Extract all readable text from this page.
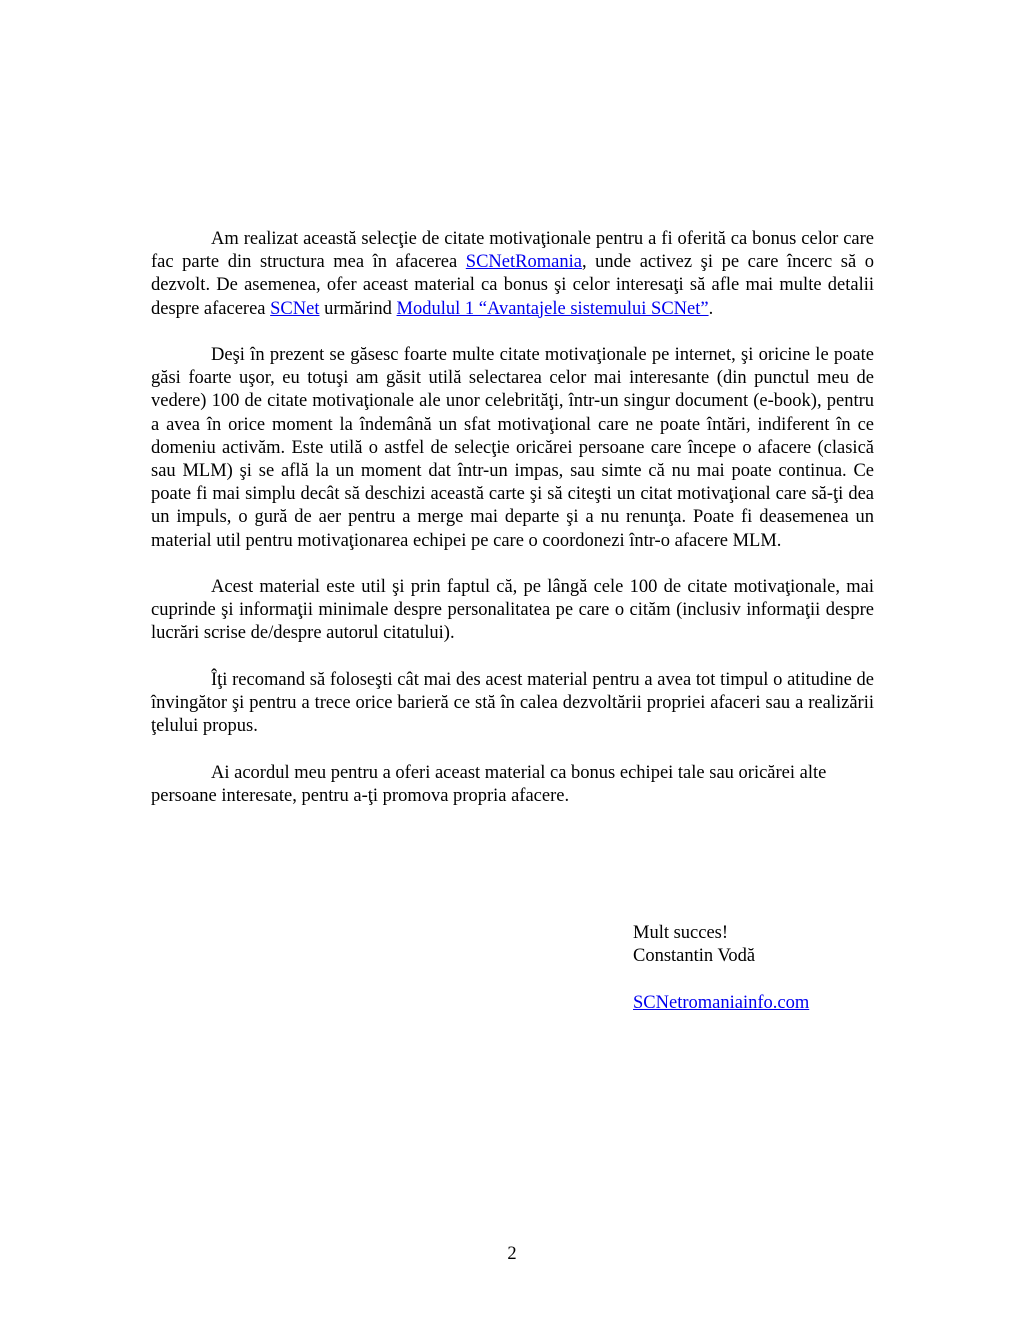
Am realizat această selecţie de citate motivaţionale pentru a fi oferită ca bonus celor care fac parte din structura mea în afacerea SCNetRomania, unde activez şi pe care încerc să o dezvolt. De asemenea, ofer aceast material ca bonus şi celor interesaţi să afle mai multe detalii despre afacerea SCNet urmărind Modulul 1 “Avantajele sistemului SCNet”.

Deşi în prezent se găsesc foarte multe citate motivaţionale pe internet, şi oricine le poate găsi foarte uşor, eu totuşi am găsit utilă selectarea celor mai interesante (din punctul meu de vedere) 100 de citate motivaţionale ale unor celebrităţi, într-un singur document (e-book), pentru a avea în orice moment la îndemână un sfat motivaţional care ne poate întări, indiferent în ce domeniu activăm. Este utilă o astfel de selecţie oricărei persoane care începe o afacere (clasică sau MLM) şi se află la un moment dat într-un impas, sau simte că nu mai poate continua. Ce poate fi mai simplu decât să deschizi această carte şi să citeşti un citat motivaţional care să-ţi dea un impuls, o gură de aer pentru a merge mai departe şi a nu renunţa. Poate fi deasemenea un material util pentru motivaţionarea echipei pe care o coordonezi într-o afacere MLM.

Acest material este util şi prin faptul că, pe lângă cele 100 de citate motivaţionale, mai cuprinde şi informaţii minimale despre personalitatea pe care o cităm (inclusiv informaţii despre lucrări scrise de/despre autorul citatului).

Îţi recomand să foloseşti cât mai des acest material pentru a avea tot timpul o atitudine de învingător şi pentru a trece orice barieră ce stă în calea dezvoltării propriei afaceri sau a realizării ţelului propus.

Ai acordul meu pentru a oferi aceast material ca bonus echipei tale sau oricărei alte persoane interesate, pentru a-ţi promova propria afacere.

Mult succes!
Constantin Vodă
SCNetromaniainfo.com
2
